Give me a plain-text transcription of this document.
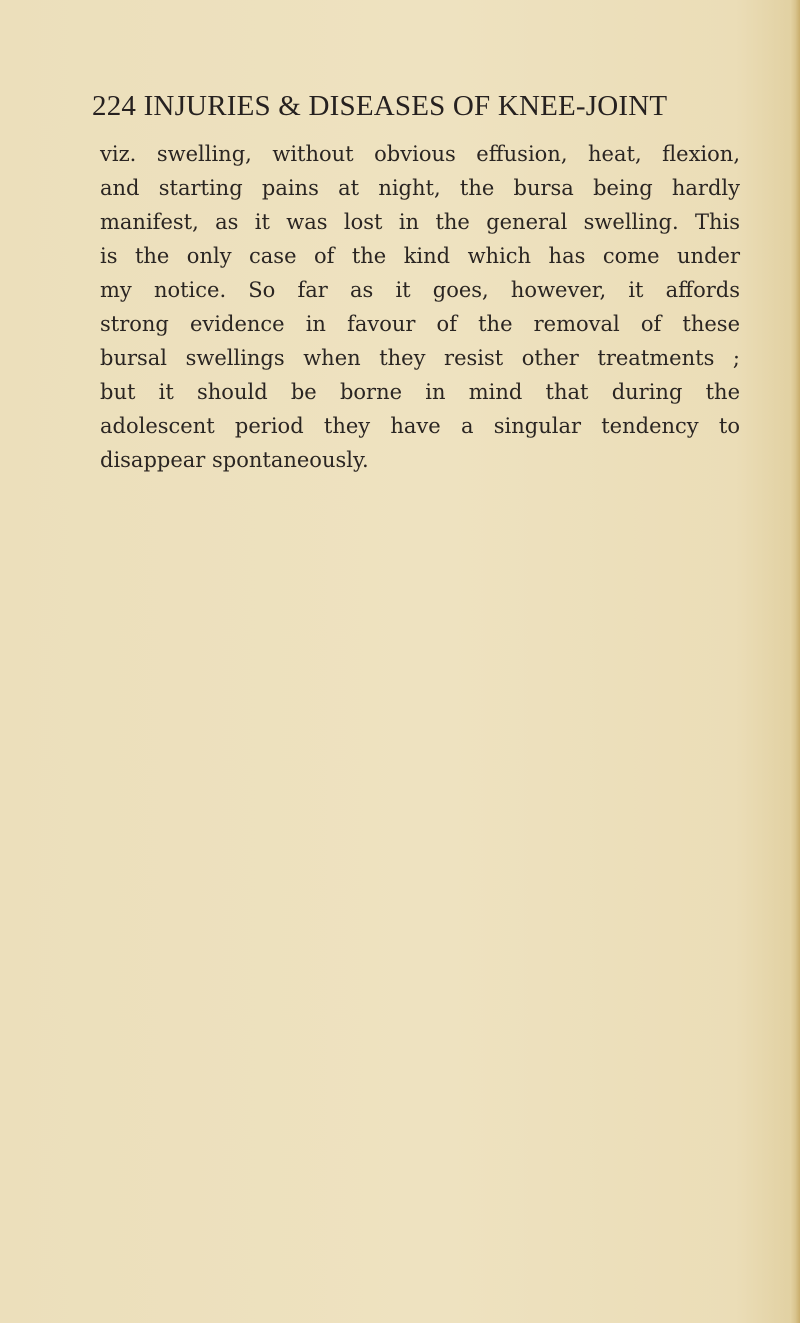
224 INJURIES & DISEASES OF KNEE-JOINT
viz. swelling, without obvious effusion, heat, flexion,
and starting pains at night, the bursa being hardly
manifest, as it was lost in the general swelling. This
is the only case of the kind which has come under
my notice. So far as it goes, however, it affords
strong evidence in favour of the removal of these
bursal swellings when they resist other treatments ;
but it should be borne in mind that during the
adolescent period they have a singular tendency to
disappear spontaneously.
